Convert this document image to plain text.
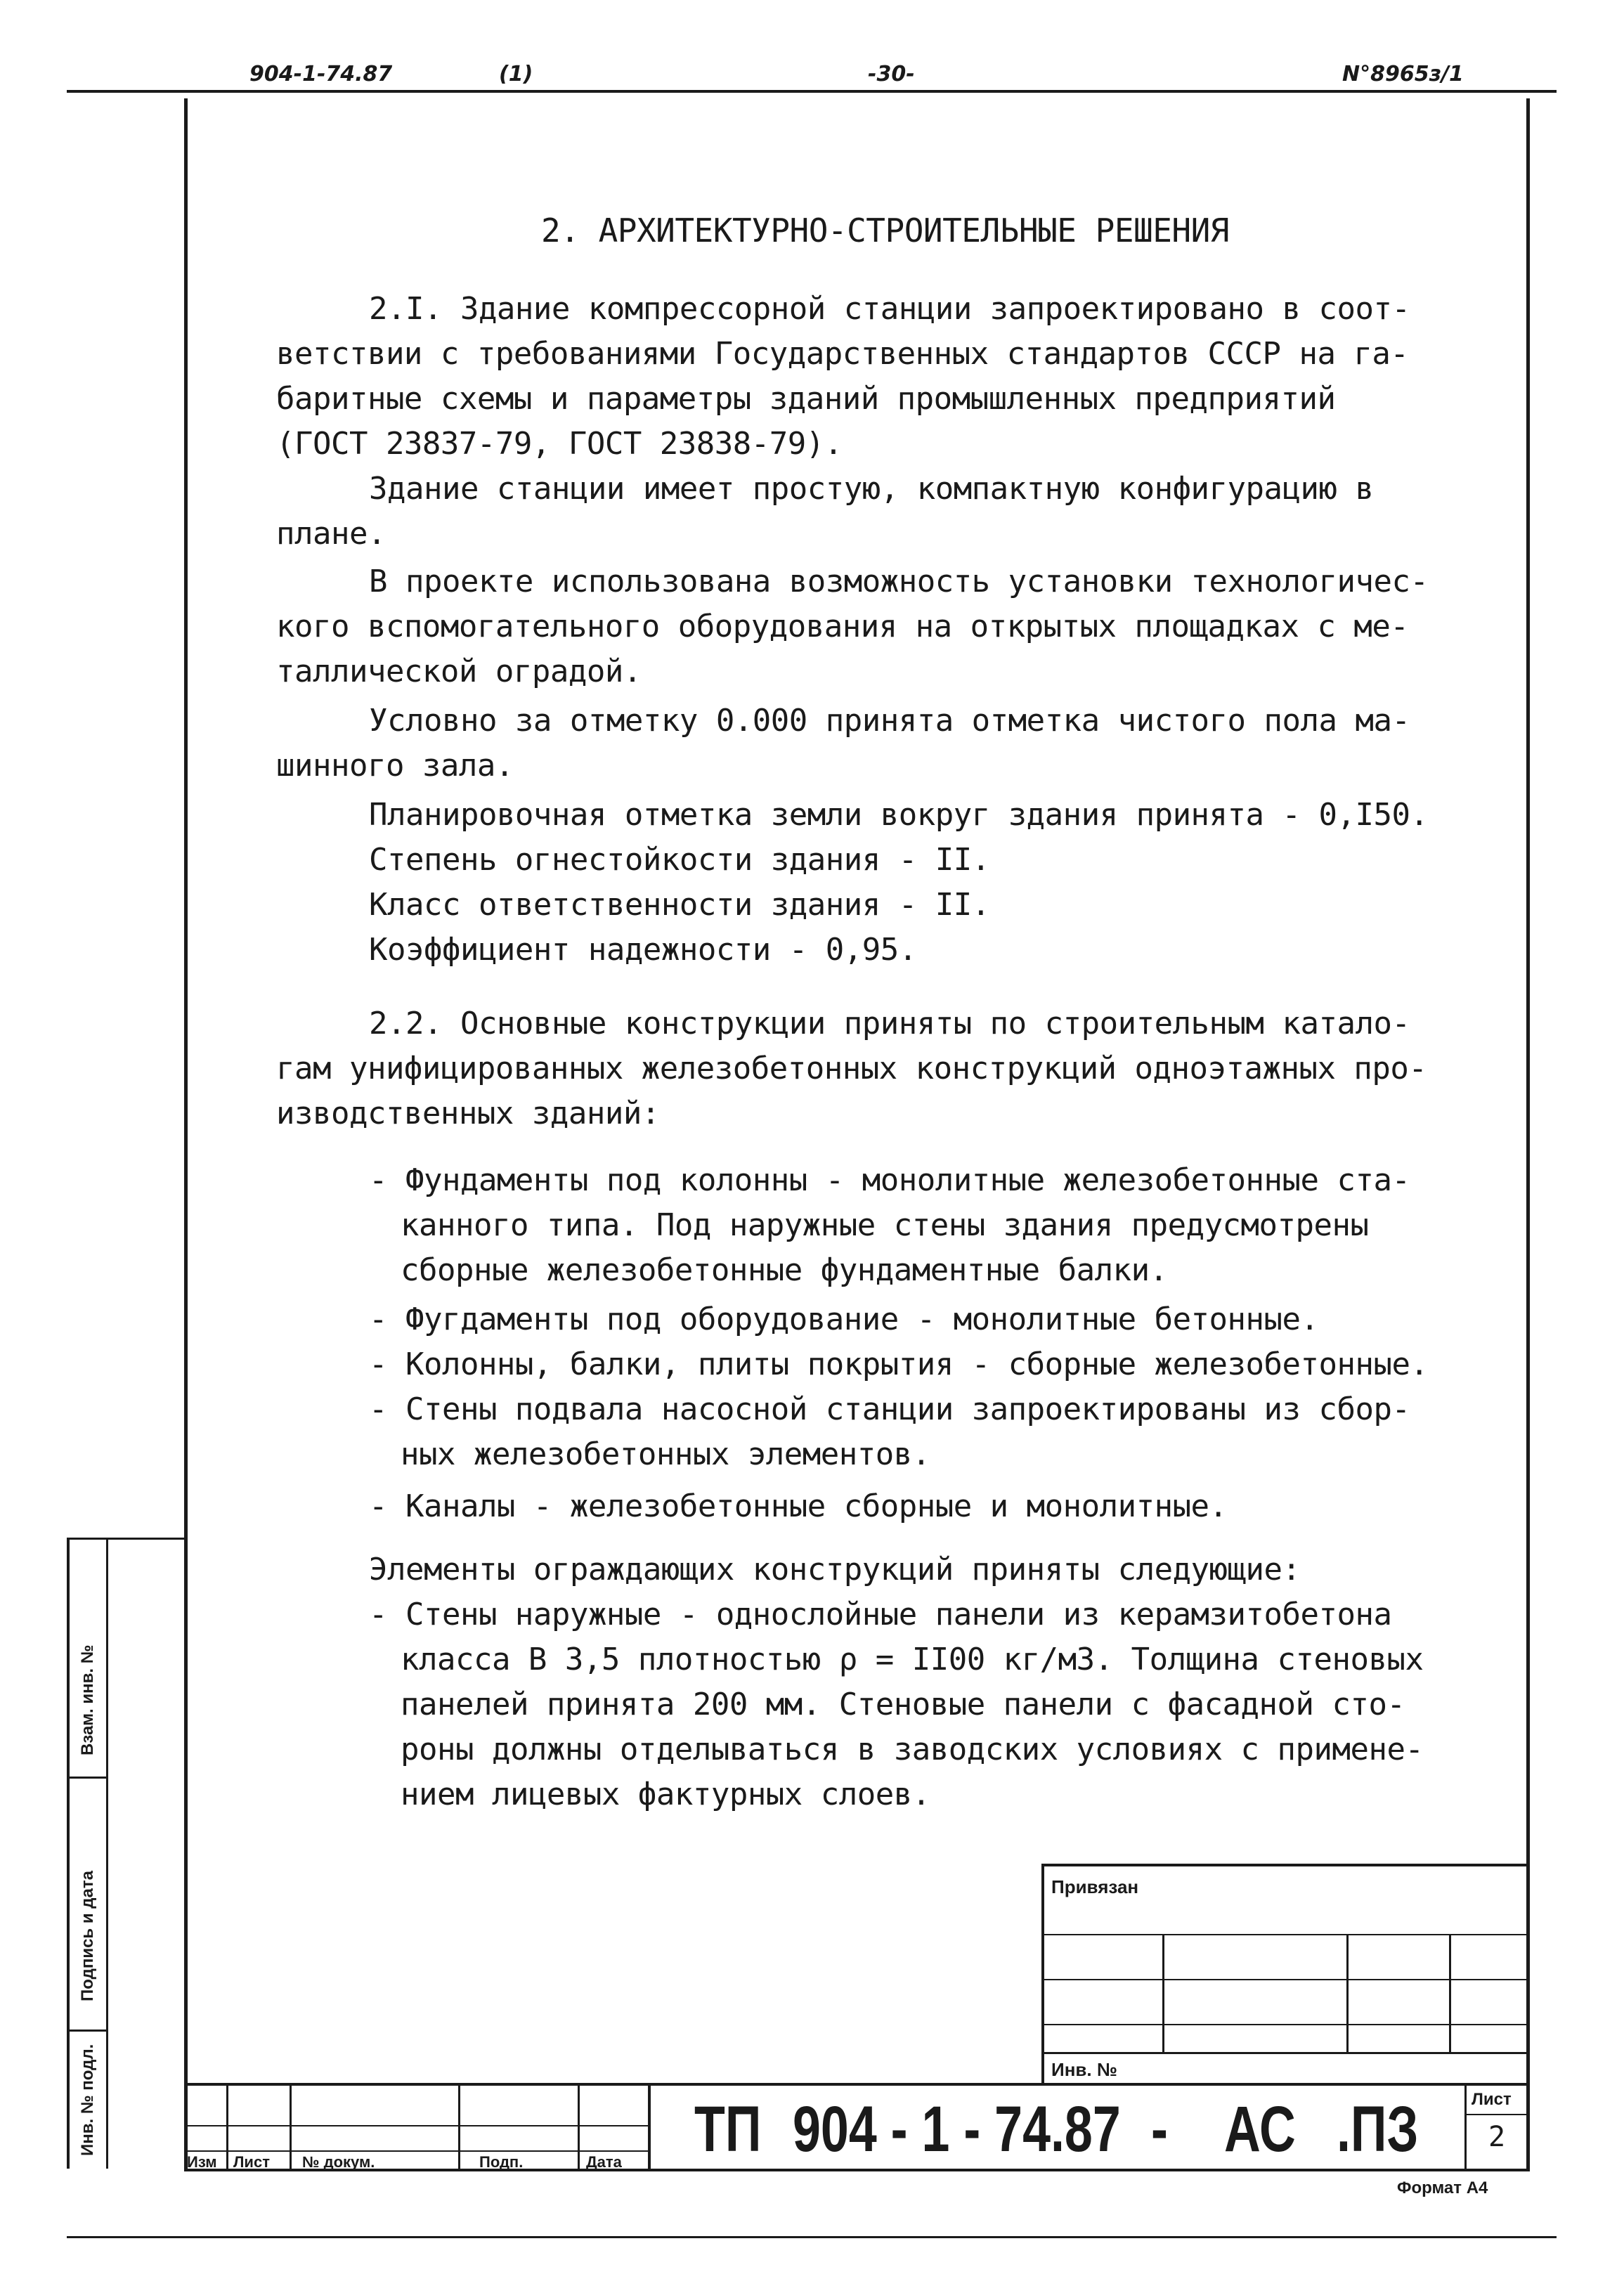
904-1-74.87	(1)	-30-	N°8965з/1
2. АРХИТЕКТУРНО-СТРОИТЕЛЬНЫЕ РЕШЕНИЯ
2.I. Здание компрессорной станции запроектировано в соот-
ветствии с требованиями Государственных стандартов СССР на га-
баритные схемы и параметры зданий промышленных предприятий
(ГОСТ 23837-79, ГОСТ 23838-79).
Здание станции имеет простую, компактную конфигурацию в
плане.
В проекте использована возможность установки технологичес-
кого вспомогательного оборудования на открытых площадках с ме-
таллической оградой.
Условно за отметку 0.000 принята отметка чистого пола ма-
шинного зала.
Планировочная отметка земли вокруг здания принята - 0,I50.
Степень огнестойкости здания - II.
Класс ответственности здания - II.
Коэффициент надежности - 0,95.
2.2. Основные конструкции приняты по строительным катало-
гам унифицированных железобетонных конструкций одноэтажных про-
изводственных зданий:
- Фундаменты под колонны - монолитные железобетонные ста-
канного типа. Под наружные стены здания предусмотрены
сборные железобетонные фундаментные балки.
- Фугдаменты под оборудование - монолитные бетонные.
- Колонны, балки, плиты покрытия - сборные железобетонные.
- Стены подвала насосной станции запроектированы из сбор-
ных железобетонных элементов.
- Каналы - железобетонные сборные и монолитные.
Элементы ограждающих конструкций приняты следующие:
- Стены наружные - однослойные панели из керамзитобетона
класса В 3,5 плотностью ρ = II00 кг/м3. Толщина стеновых
панелей принята 200 мм. Стеновые панели с фасадной сто-
роны должны отделываться в заводских условиях с примене-
нием лицевых фактурных слоев.
Привязан
Инв. №
Изм Лист № докум.	Подп.	Дата ТП 904 - 1 - 74.87 - АС .ПЗ	Лист
2
Формат А4
Взам. инв. №
Подпись и дата
Инв. № подл.
